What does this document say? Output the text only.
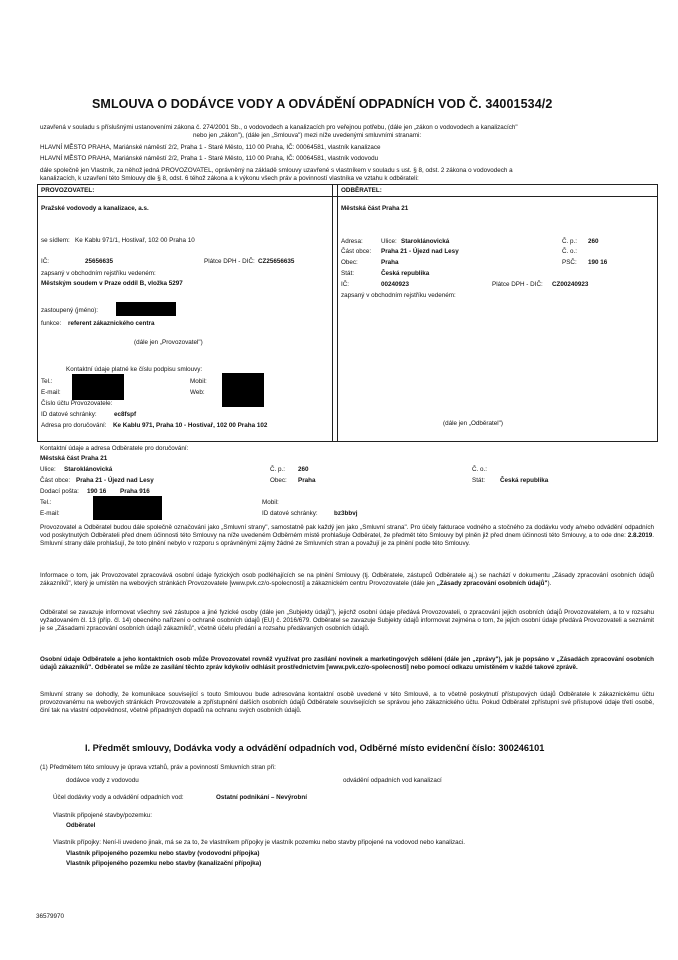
SMLOUVA O DODÁVCE VODY A ODVÁDĚNÍ ODPADNÍCH VOD Č. 34001534/2
uzavřená v souladu s příslušnými ustanoveními zákona č. 274/2001 Sb., o vodovodech a kanalizacích pro veřejnou potřebu, (dále jen „zákon o vodovodech a kanalizacích"
nebo jen „zákon"), (dále jen „Smlouva") mezi níže uvedenými smluvními stranami:
HLAVNÍ MĚSTO PRAHA, Mariánské náměstí 2/2, Praha 1 - Staré Město, 110 00 Praha, IČ: 00064581, vlastník kanalizace
HLAVNÍ MĚSTO PRAHA, Mariánské náměstí 2/2, Praha 1 - Staré Město, 110 00 Praha, IČ: 00064581, vlastník vodovodu
dále společně jen Vlastník, za něhož jedná PROVOZOVATEL, oprávněný na základě smlouvy uzavřené s vlastníkem v souladu s ust. § 8, odst. 2 zákona o vodovodech a
kanalizacích, k uzavření této Smlouvy dle § 8, odst. 6 téhož zákona a k výkonu všech práv a povinností vlastníka ve vztahu k odběrateli:
PROVOZOVATEL:
Pražské vodovody a kanalizace, a.s.
se sídlem: Ke Kablu 971/1, Hostivař, 102 00 Praha 10
IČ:	25656635	Plátce DPH - DIČ: CZ25656635
zapsaný v obchodním rejstříku vedeném:
Městským soudem v Praze oddíl B, vložka 5297
zastoupený (jméno):
funkce: referent zákaznického centra
(dále jen „Provozovatel")
Kontaktní údaje platné ke číslu podpisu smlouvy:
Tel.:	Mobil:
E-mail:	Web:
Číslo účtu Provozovatele:
ID datové schránky:	ec8fspf
Adresa pro doručování: Ke Kablu 971, Praha 10 - Hostivař, 102 00 Praha 102
ODBĚRATEL:
Městská část Praha 21
Adresa:	Ulice: Staroklánovická	Č. p.: 260
Část obce: Praha 21 - Újezd nad Lesy	Č. o.:
Obec:	Praha	PSČ: 190 16
Stát:	Česká republika
IČ:	00240923	Plátce DPH - DIČ: CZ00240923
zapsaný v obchodním rejstříku vedeném:
(dále jen „Odběratel")
Kontaktní údaje a adresa Odběratele pro doručování:
Městská část Praha 21
Ulice: Staroklánovická	Č. p.: 260	Č. o.:
Část obce: Praha 21 - Újezd nad Lesy	Obec: Praha	Stát: Česká republika
Dodací pošta: 190 16 Praha 916
Tel.:	Mobil:
E-mail:	ID datové schránky:	bz3bbvj
Provozovatel a Odběratel budou dále společně označováni jako „Smluvní strany", samostatně pak každý jen jako „Smluvní strana". Pro účely fakturace vodného a stočného za dodávku vody a/nebo odvádění odpadních vod poskytnutých Odběrateli před dnem účinnosti této Smlouvy na níže uvedeném Odběrném místě prohlašuje Odběratel, že předmět této Smlouvy byl plněn již před dnem účinnosti této Smlouvy, a to ode dne: 2.8.2019. Smluvní strany dále prohlašují, že toto plnění nebylo v rozporu s oprávněnými zájmy žádné ze Smluvních stran a považují je za plnění podle této Smlouvy.
Informace o tom, jak Provozovatel zpracovává osobní údaje fyzických osob podléhajících se na plnění Smlouvy (tj. Odběratele, zástupců Odběratele aj.) se nachází v dokumentu „Zásady zpracování osobních údajů zákazníků", který je umístěn na webových stránkách Provozovatele [www.pvk.cz/o-spolecnosti] a zákaznickém centru Provozovatele (dále jen „Zásady zpracování osobních údajů").
Odběratel se zavazuje informovat všechny své zástupce a jiné fyzické osoby (dále jen „Subjekty údajů"), jejichž osobní údaje předává Provozovateli, o zpracování jejich osobních údajů Provozovatelem, a to v rozsahu vyžadovaném čl. 13 (příp. čl. 14) obecného nařízení o ochraně osobních údajů (EU) č. 2016/679. Odběratel se zavazuje Subjekty údajů informovat zejména o tom, že jejich osobní údaje předává Provozovateli a seznámit je se „Zásadami zpracování osobních údajů zákazníků", včetně účelu předání a rozsahu předávaných osobních údajů.
Osobní údaje Odběratele a jeho kontaktních osob může Provozovatel rovněž využívat pro zasílání novinek a marketingových sdělení (dále jen „zprávy"), jak je popsáno v „Zásadách zpracování osobních údajů zákazníků". Odběratel se může ze zasílání těchto zpráv kdykoliv odhlásit prostřednictvím [www.pvk.cz/o-spolecnosti] nebo pomocí odkazu umístěném v každé takové zprávě.
Smluvní strany se dohodly, že komunikace související s touto Smlouvou bude adresována kontaktní osobě uvedené v této Smlouvě, a to včetně poskytnutí přístupových údajů Odběratele k zákaznickému účtu provozovanému na webových stránkách Provozovatele a zpřístupnění dalších osobních údajů Odběratele souvisejících se správou jeho zákaznického účtu. Pokud Odběratel zpřístupní své přístupové údaje třetí osobě, činí tak na vlastní odpovědnost, včetně případných dopadů na ochranu svých osobních údajů.
I. Předmět smlouvy, Dodávka vody a odvádění odpadních vod, Odběrné místo evidenční číslo: 300246101
(1) Předmětem této smlouvy je úprava vztahů, práv a povinností Smluvních stran při:
dodávce vody z vodovodu	odvádění odpadních vod kanalizací
Účel dodávky vody a odvádění odpadních vod:	Ostatní podnikání – Nevýrobní
Vlastník připojené stavby/pozemku:
Odběratel
Vlastník přípojky: Není-li uvedeno jinak, má se za to, že vlastníkem přípojky je vlastník pozemku nebo stavby připojené na vodovod nebo kanalizaci.
Vlastník připojeného pozemku nebo stavby (vodovodní přípojka)
Vlastník připojeného pozemku nebo stavby (kanalizační přípojka)
36579970
